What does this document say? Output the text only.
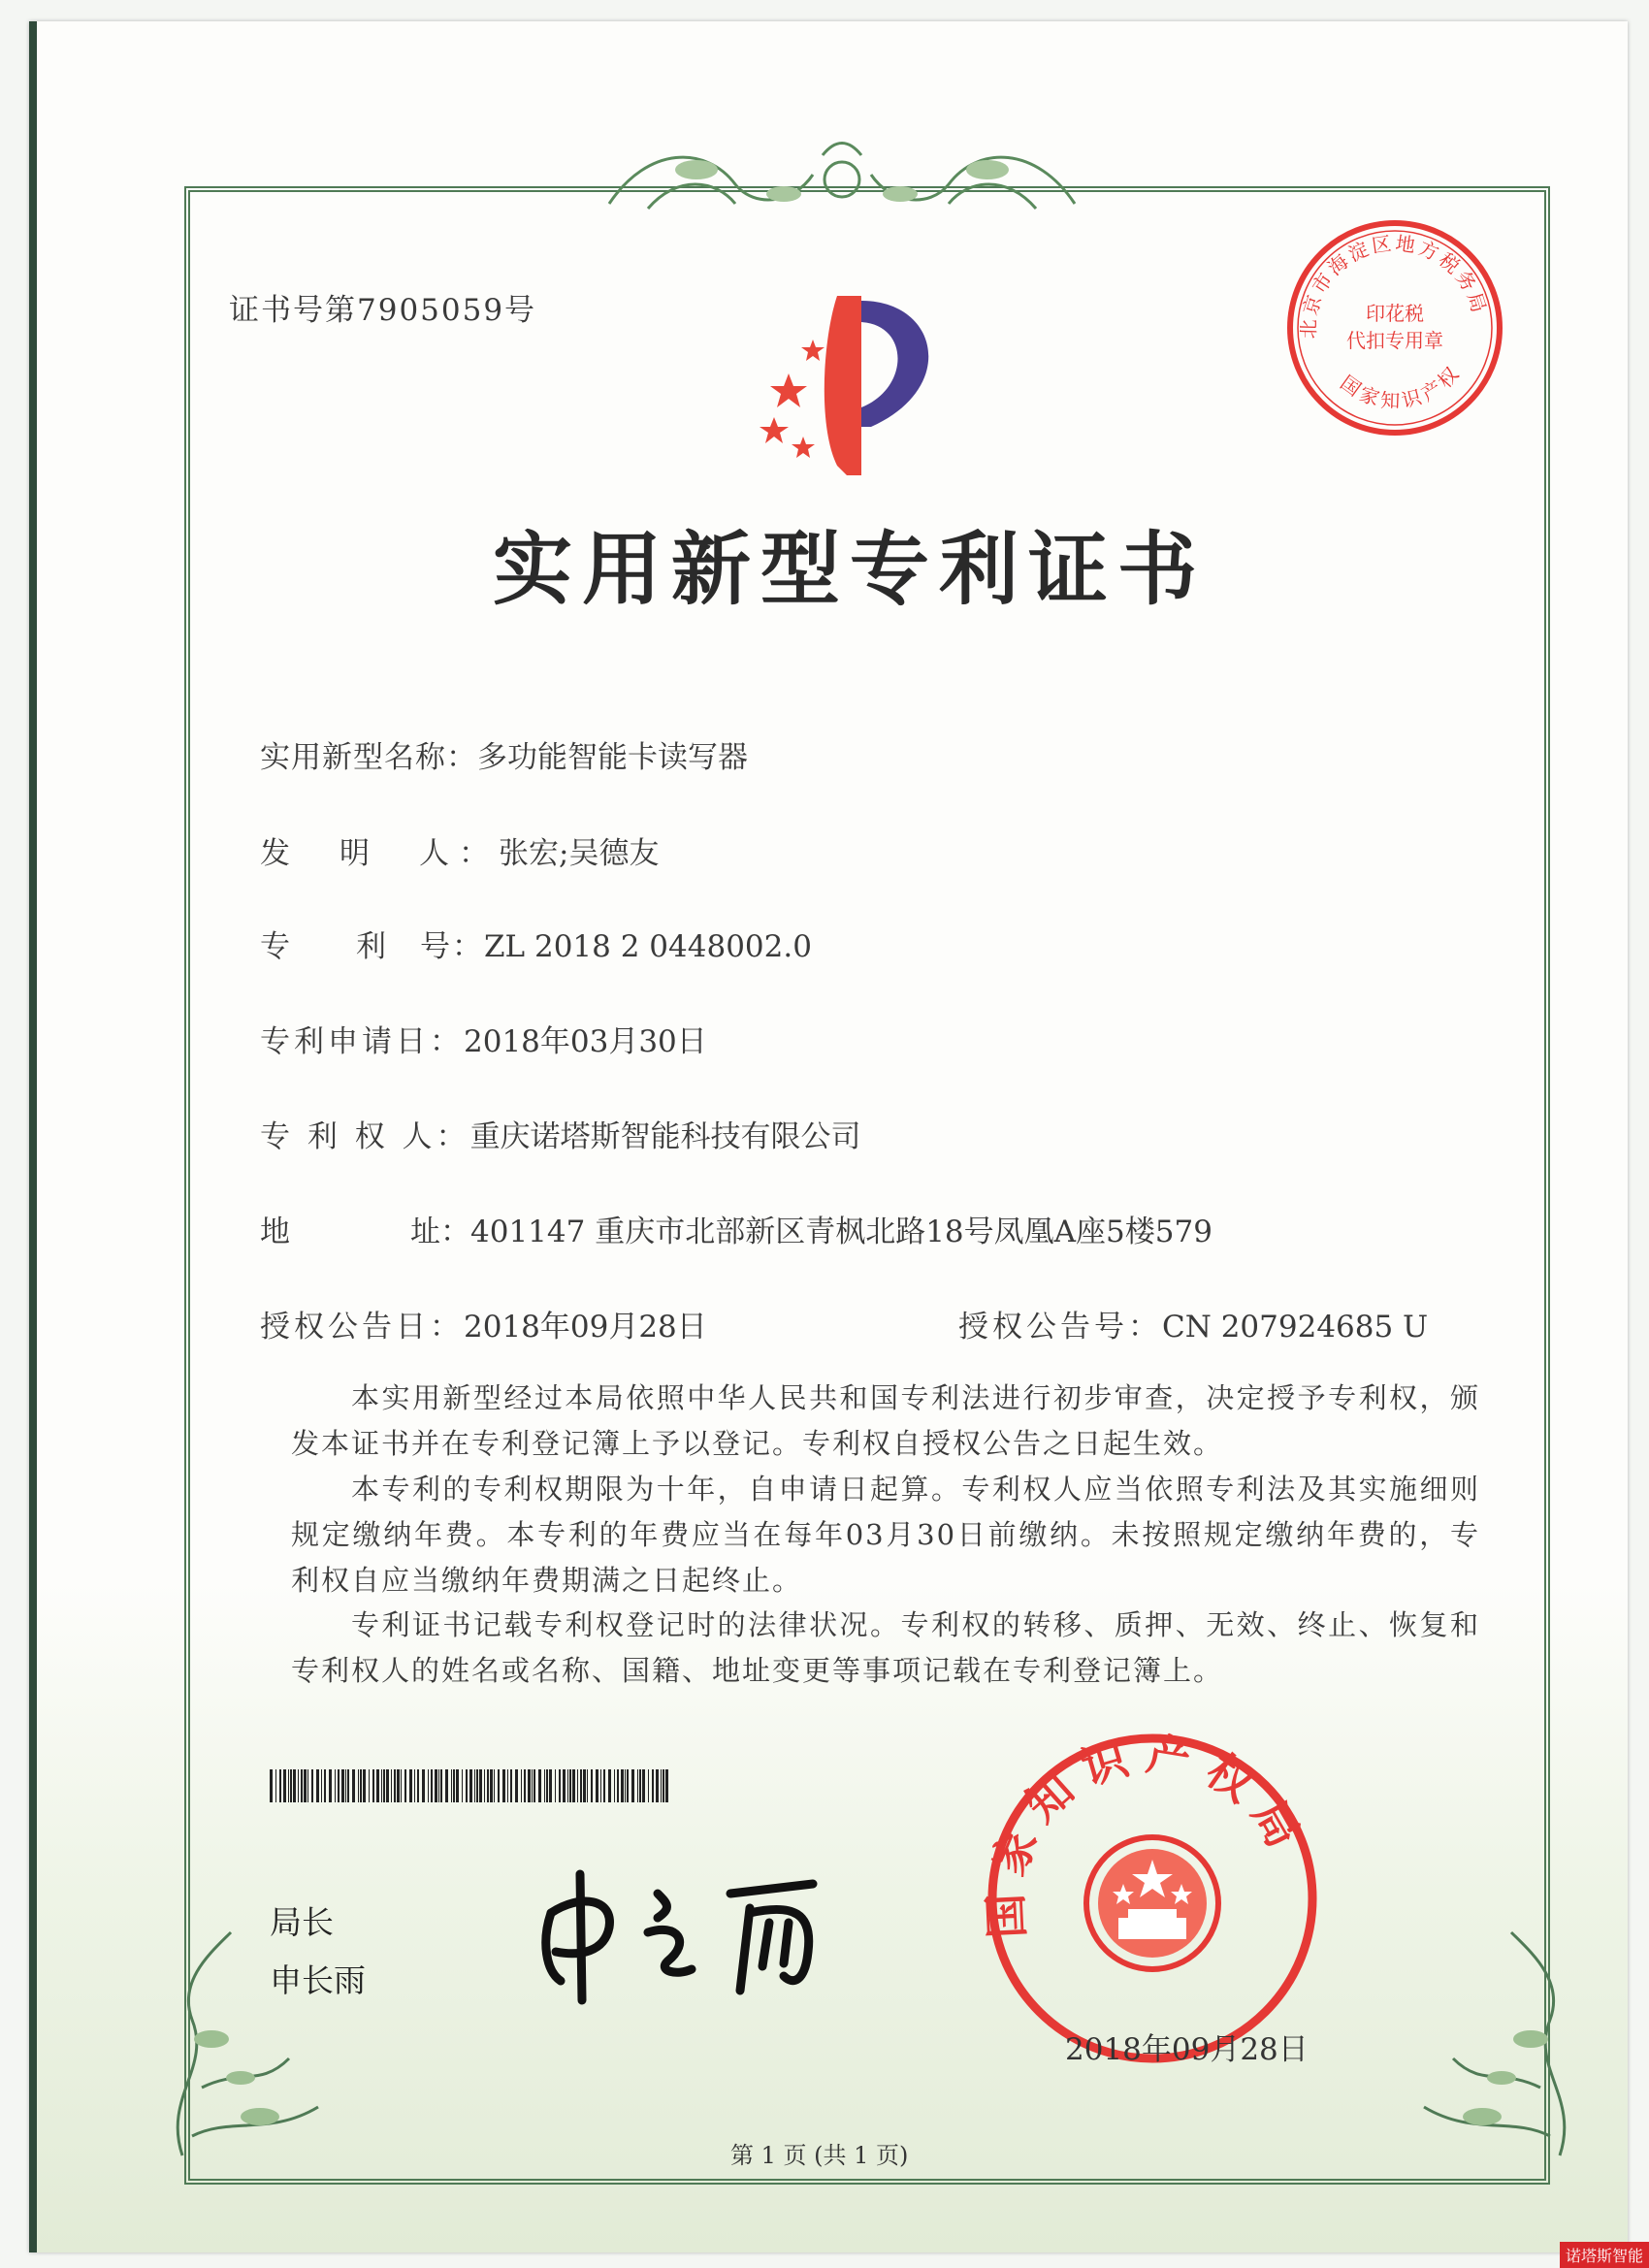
证书号第7905059号	北京市海淀区地方税务局
国家知识产权
印花税
代扣专用章
实用新型专利证书
实用新型名称：多功能智能卡读写器
发　明　人：张宏;吴德友
专　　利　号：ZL 2018 2 0448002.0
专利申请日：2018年03月30日
专 利 权 人：重庆诺塔斯智能科技有限公司
地　　　　址：401147 重庆市北部新区青枫北路18号凤凰A座5楼579
授权公告日：2018年09月28日	授权公告号：CN 207924685 U
本实用新型经过本局依照中华人民共和国专利法进行初步审查，决定授予专利权，颁发本证书并在专利登记簿上予以登记。专利权自授权公告之日起生效。
本专利的专利权期限为十年，自申请日起算。专利权人应当依照专利法及其实施细则规定缴纳年费。本专利的年费应当在每年03月30日前缴纳。未按照规定缴纳年费的，专利权自应当缴纳年费期满之日起终止。
专利证书记载专利权登记时的法律状况。专利权的转移、质押、无效、终止、恢复和专利权人的姓名或名称、国籍、地址变更等事项记载在专利登记簿上。
局长
申长雨
国家知识产权局
2018年09月28日
第 1 页 (共 1 页)
诺塔斯智能
